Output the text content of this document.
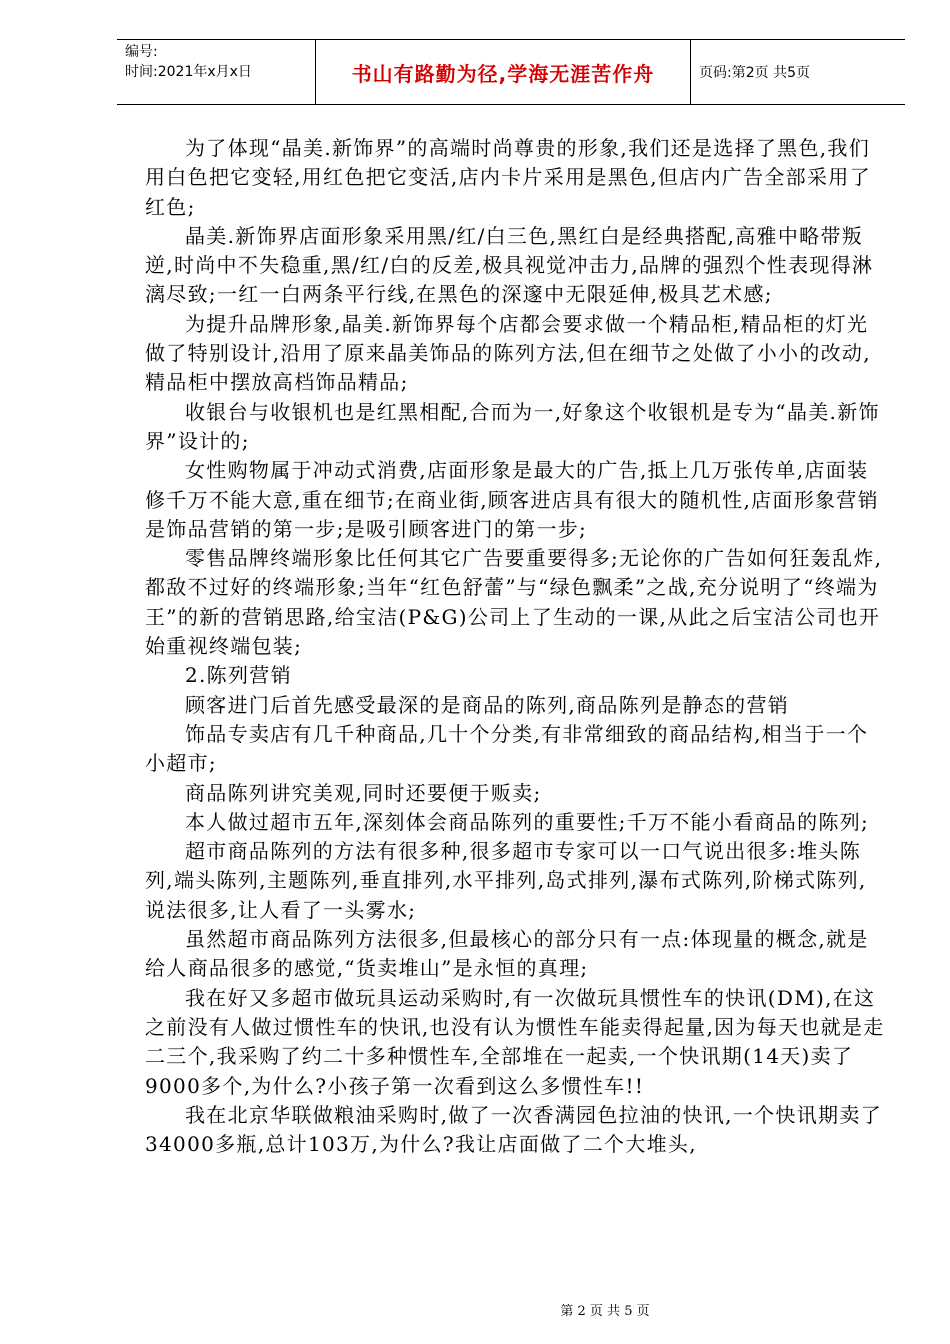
编号:
时间:2021年x月x日	书山有路勤为径,学海无涯苦作舟	页码:第2页 共5页

为了体现“晶美.新饰界”的高端时尚尊贵的形象,我们还是选择了黑色,我们用白色把它变轻,用红色把它变活,店内卡片采用是黑色,但店内广告全部采用了红色;

晶美.新饰界店面形象采用黑/红/白三色,黑红白是经典搭配,高雅中略带叛逆,时尚中不失稳重,黑/红/白的反差,极具视觉冲击力,品牌的强烈个性表现得淋漓尽致;一红一白两条平行线,在黑色的深邃中无限延伸,极具艺术感;

为提升品牌形象,晶美.新饰界每个店都会要求做一个精品柜,精品柜的灯光做了特别设计,沿用了原来晶美饰品的陈列方法,但在细节之处做了小小的改动,精品柜中摆放高档饰品精品;

收银台与收银机也是红黑相配,合而为一,好象这个收银机是专为“晶美.新饰界”设计的;

女性购物属于冲动式消费,店面形象是最大的广告,抵上几万张传单,店面装修千万不能大意,重在细节;在商业街,顾客进店具有很大的随机性,店面形象营销是饰品营销的第一步;是吸引顾客进门的第一步;

零售品牌终端形象比任何其它广告要重要得多;无论你的广告如何狂轰乱炸,都敌不过好的终端形象;当年“红色舒蕾”与“绿色飘柔”之战,充分说明了“终端为王”的新的营销思路,给宝洁(P&G)公司上了生动的一课,从此之后宝洁公司也开始重视终端包装;

2.陈列营销

顾客进门后首先感受最深的是商品的陈列,商品陈列是静态的营销

饰品专卖店有几千种商品,几十个分类,有非常细致的商品结构,相当于一个小超市;

商品陈列讲究美观,同时还要便于贩卖;

本人做过超市五年,深刻体会商品陈列的重要性;千万不能小看商品的陈列;

超市商品陈列的方法有很多种,很多超市专家可以一口气说出很多:堆头陈列,端头陈列,主题陈列,垂直排列,水平排列,岛式排列,瀑布式陈列,阶梯式陈列,说法很多,让人看了一头雾水;

虽然超市商品陈列方法很多,但最核心的部分只有一点:体现量的概念,就是给人商品很多的感觉,“货卖堆山”是永恒的真理;

我在好又多超市做玩具运动采购时,有一次做玩具惯性车的快讯(DM),在这之前没有人做过惯性车的快讯,也没有认为惯性车能卖得起量,因为每天也就是走二三个,我采购了约二十多种惯性车,全部堆在一起卖,一个快讯期(14天)卖了9000多个,为什么?小孩子第一次看到这么多惯性车!!

我在北京华联做粮油采购时,做了一次香满园色拉油的快讯,一个快讯期卖了34000多瓶,总计103万,为什么?我让店面做了二个大堆头,

第 2 页 共 5 页
